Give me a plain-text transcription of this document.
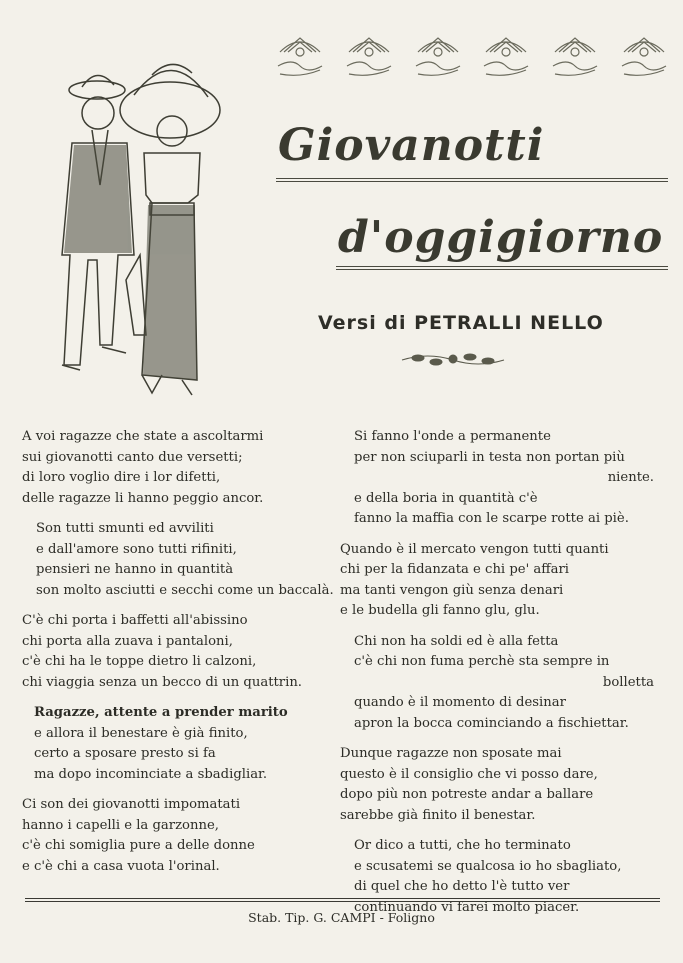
Giovanotti
d'oggigiorno
Versi di PETRALLI NELLO
A voi ragazze che state a ascoltarmi
sui giovanotti canto due versetti;
di loro voglio dire i lor difetti,
delle ragazze li hanno peggio ancor.
Son tutti smunti ed avviliti
e dall'amore sono tutti rifiniti,
pensieri ne hanno in quantità
son molto asciutti e secchi come un baccalà.
C'è chi porta i baffetti all'abissino
chi porta alla zuava i pantaloni,
c'è chi ha le toppe dietro li calzoni,
chi viaggia senza un becco di un quattrin.
Ragazze, attente a prender marito
e allora il benestare è già finito,
certo a sposare presto si fa
ma dopo incominciate a sbadigliar.
Ci son dei giovanotti impomatati
hanno i capelli e la garzonne,
c'è chi somiglia pure a delle donne
e c'è chi a casa vuota l'orinal.
Si fanno l'onde a permanente
per non sciuparli in testa non portan più
niente.
e della boria in quantità c'è
fanno la maffia con le scarpe rotte ai piè.
Quando è il mercato vengon tutti quanti
chi per la fidanzata e chi pe' affari
ma tanti vengon giù senza denari
e le budella gli fanno glu, glu.
Chi non ha soldi ed è alla fetta
c'è chi non fuma perchè sta sempre in
bolletta
quando è il momento di desinar
apron la bocca cominciando a fischiettar.
Dunque ragazze non sposate mai
questo è il consiglio che vi posso dare,
dopo più non potreste andar a ballare
sarebbe già finito il benestar.
Or dico a tutti, che ho terminato
e scusatemi se qualcosa io ho sbagliato,
di quel che ho detto l'è tutto ver
continuando vi farei molto piacer.
Stab. Tip. G. CAMPI - Foligno
